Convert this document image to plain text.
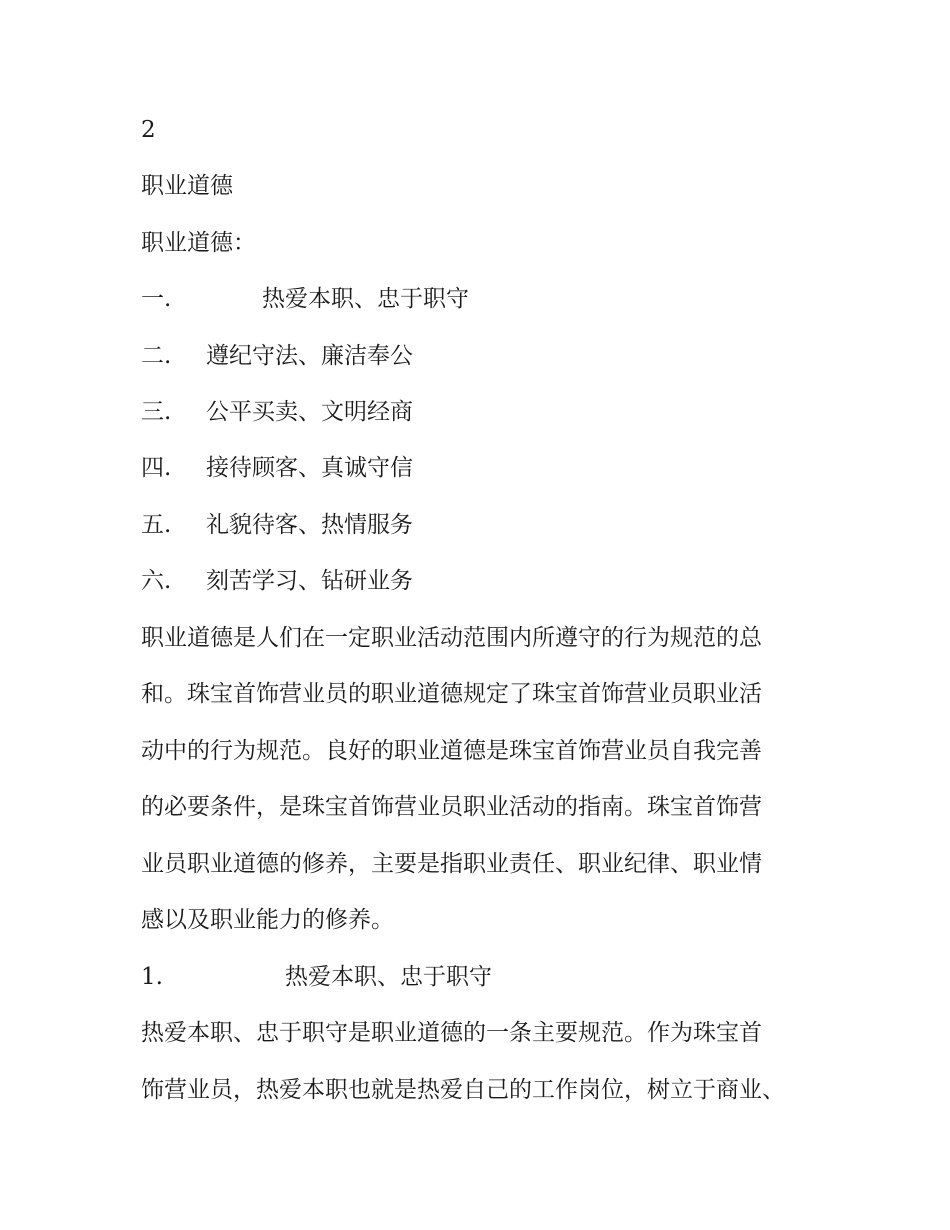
2
职业道德
职业道德：
一.	热爱本职、忠于职守
二. 遵纪守法、廉洁奉公
三. 公平买卖、文明经商
四. 接待顾客、真诚守信
五. 礼貌待客、热情服务
六. 刻苦学习、钻研业务
职业道德是人们在一定职业活动范围内所遵守的行为规范的总
和。珠宝首饰营业员的职业道德规定了珠宝首饰营业员职业活
动中的行为规范。良好的职业道德是珠宝首饰营业员自我完善
的必要条件，是珠宝首饰营业员职业活动的指南。珠宝首饰营
业员职业道德的修养，主要是指职业责任、职业纪律、职业情
感以及职业能力的修养。
1.	热爱本职、忠于职守
热爱本职、忠于职守是职业道德的一条主要规范。作为珠宝首
饰营业员，热爱本职也就是热爱自己的工作岗位，树立于商业、
